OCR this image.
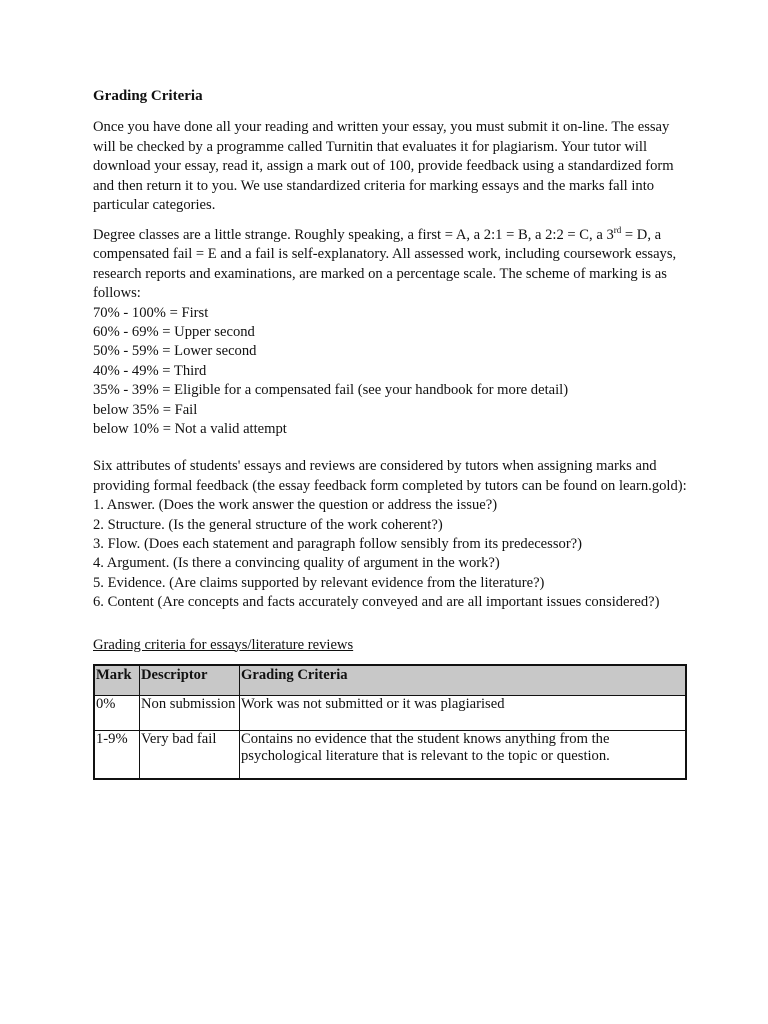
Grading Criteria

Once you have done all your reading and written your essay, you must submit it on-line. The essay will be checked by a programme called Turnitin that evaluates it for plagiarism. Your tutor will download your essay, read it, assign a mark out of 100, provide feedback using a standardized form and then return it to you. We use standardized criteria for marking essays and the marks fall into particular categories.

Degree classes are a little strange. Roughly speaking, a first = A, a 2:1 = B, a 2:2 = C, a 3rd = D, a compensated fail = E and a fail is self-explanatory. All assessed work, including coursework essays, research reports and examinations, are marked on a percentage scale. The scheme of marking is as follows:

70% - 100% = First
60% - 69% = Upper second
50% - 59% = Lower second
40% - 49% = Third
35% - 39% = Eligible for a compensated fail (see your handbook for more detail)
below 35% = Fail
below 10% = Not a valid attempt
Six attributes of students' essays and reviews are considered by tutors when assigning marks and providing formal feedback (the essay feedback form completed by tutors can be found on learn.gold):
1. Answer. (Does the work answer the question or address the issue?)
2. Structure. (Is the general structure of the work coherent?)
3. Flow. (Does each statement and paragraph follow sensibly from its predecessor?)
4. Argument. (Is there a convincing quality of argument in the work?)
5. Evidence. (Are claims supported by relevant evidence from the literature?)
6. Content (Are concepts and facts accurately conveyed and are all important issues considered?)
Grading criteria for essays/literature reviews
Mark	Descriptor	Grading Criteria
0%	Non submission	Work was not submitted or it was plagiarised
1-9%	Very bad fail	Contains no evidence that the student knows anything from the psychological literature that is relevant to the topic or question.
